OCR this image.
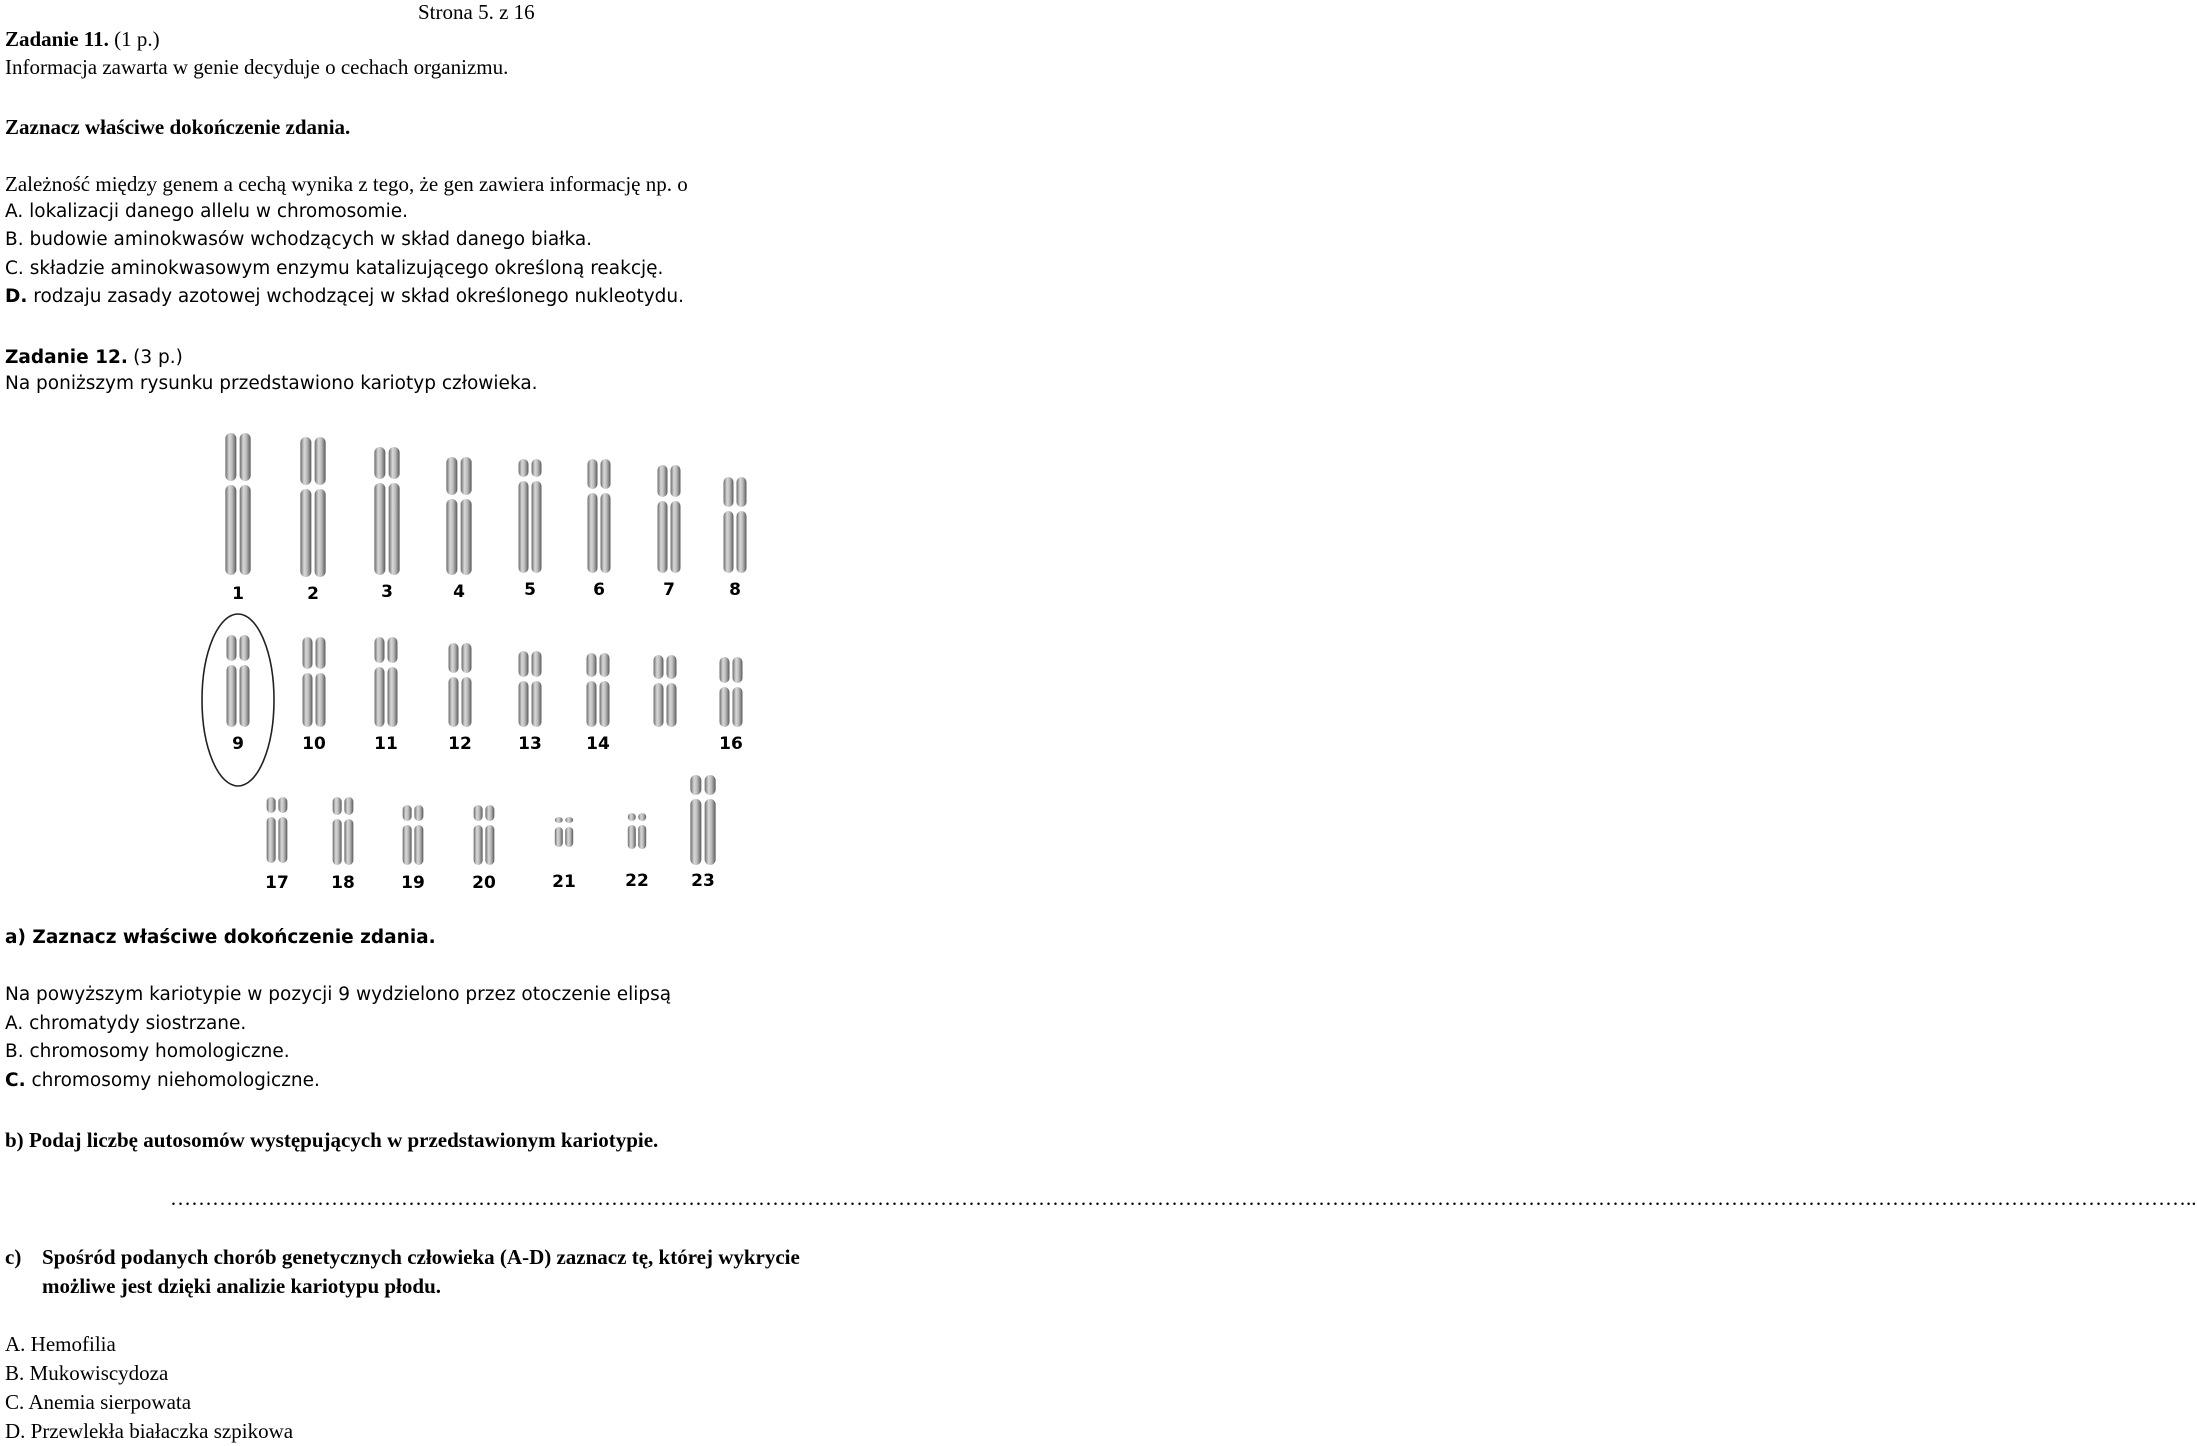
Strona 5. z 16
Zadanie 11. (1 p.)
Informacja zawarta w genie decyduje o cechach organizmu.
Zaznacz właściwe dokończenie zdania.
Zależność między genem a cechą wynika z tego, że gen zawiera informację np. o
A. lokalizacji danego allelu w chromosomie.
B. budowie aminokwasów wchodzących w skład danego białka.
C. składzie aminokwasowym enzymu katalizującego określoną reakcję.
D. rodzaju zasady azotowej wchodzącej w skład określonego nukleotydu.
Zadanie 12. (3 p.)
Na poniższym rysunku przedstawiono kariotyp człowieka.
1	2	3	4	5	6	7	8
9	10	11	12	13	14	16
17 18	19	20	21	22 23
a) Zaznacz właściwe dokończenie zdania.
Na powyższym kariotypie w pozycji 9 wydzielono przez otoczenie elipsą
A. chromatydy siostrzane.
B. chromosomy homologiczne.
C. chromosomy niehomologiczne.
b) Podaj liczbę autosomów występujących w przedstawionym kariotypie.
………………………………………………………………………………………………………………………………………………………………………………………………………………………………………………………………..
c) Spośród podanych chorób genetycznych człowieka (A-D) zaznacz tę, której wykrycie
możliwe jest dzięki analizie kariotypu płodu.
A. Hemofilia
B. Mukowiscydoza
C. Anemia sierpowata
D. Przewlekła białaczka szpikowa
